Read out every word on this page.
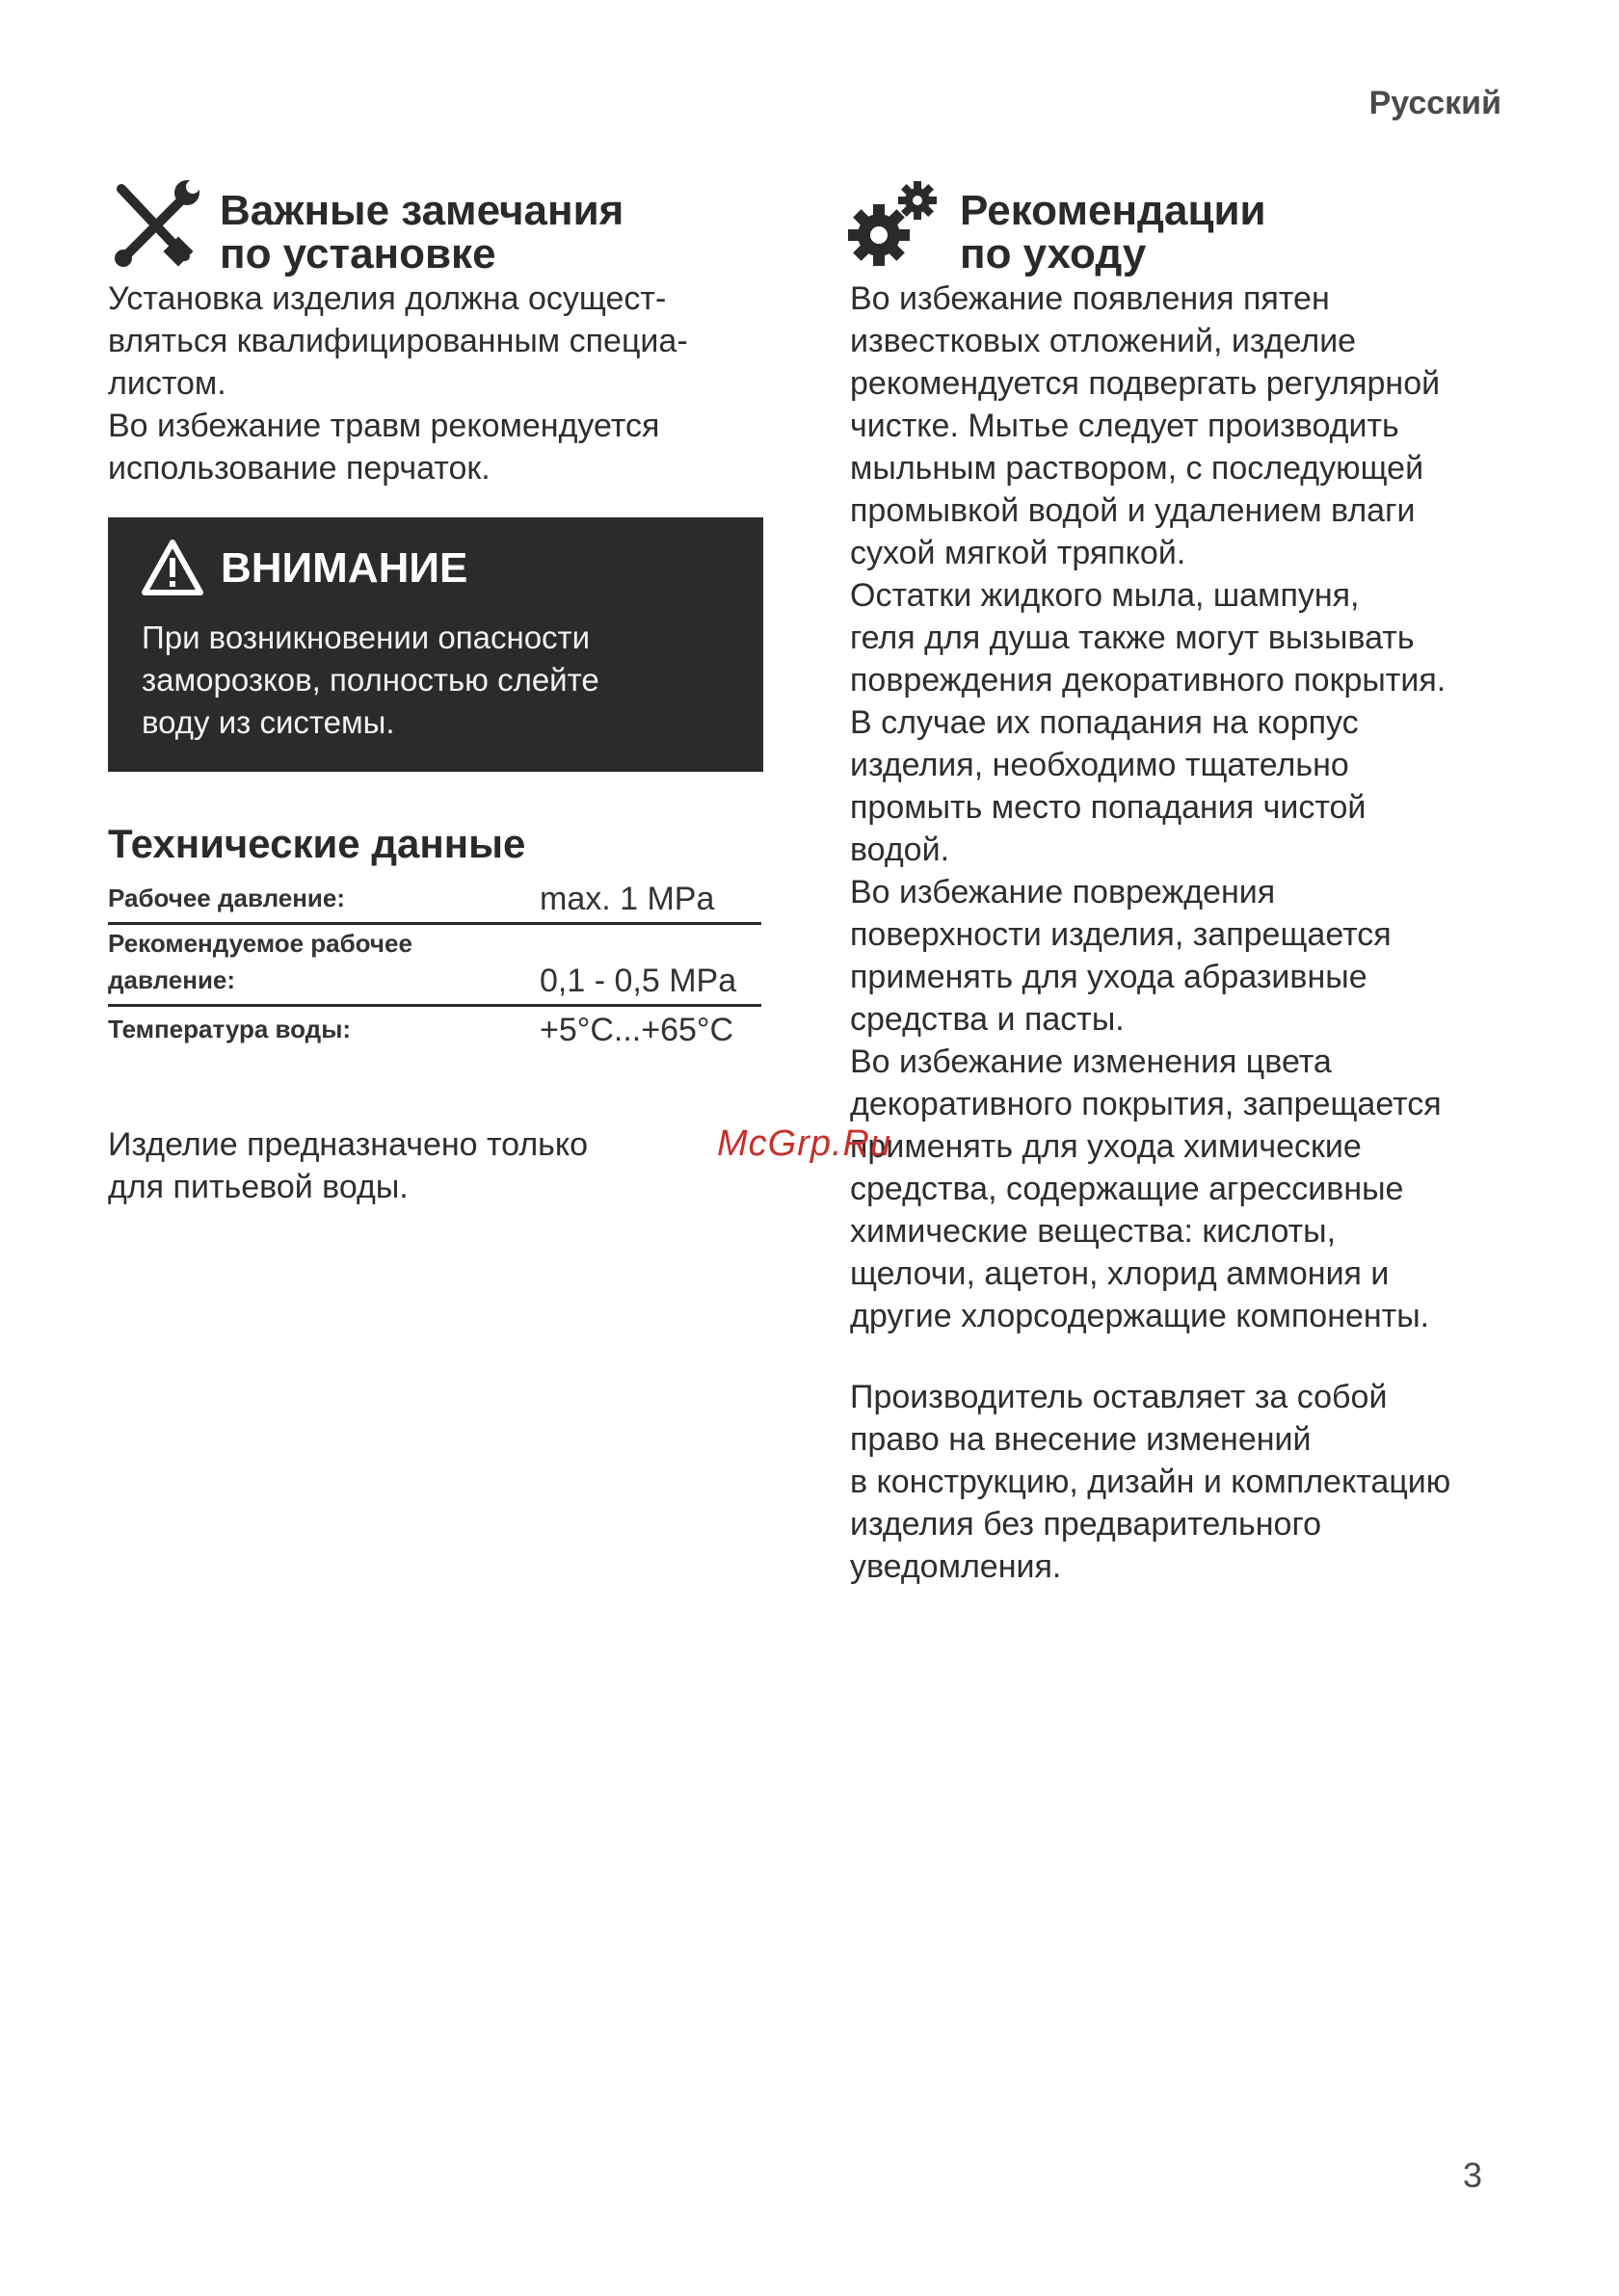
Русский
Важные замечания
по установке
Установка изделия должна осущест-
вляться квалифицированным специа-
листом.
Во избежание травм рекомендуется
использование перчаток.
ВНИМАНИЕ
При возникновении опасности
заморозков, полностью слейте
воду из системы.
Технические данные
Рабочее давление:	max. 1 MPa

Рекомендуемое рабочее
давление:	0,1 - 0,5 MPa
Температура воды:	+5°C...+65°C
Изделие предназначено только
для питьевой воды.
Рекомендации
по уходу
Во избежание появления пятен
известковых отложений, изделие
рекомендуется подвергать регулярной
чистке. Мытье следует производить
мыльным раствором, с последующей
промывкой водой и удалением влаги
сухой мягкой тряпкой.
Остатки жидкого мыла, шампуня,
геля для душа также могут вызывать
повреждения декоративного покрытия.
В случае их попадания на корпус
изделия, необходимо тщательно
промыть место попадания чистой
водой.
Во избежание повреждения
поверхности изделия, запрещается
применять для ухода абразивные
средства и пасты.
Во избежание изменения цвета
декоративного покрытия, запрещается
применять для ухода химические
средства, содержащие агрессивные
химические вещества: кислоты,
щелочи, ацетон, хлорид аммония и
другие хлорсодержащие компоненты.
Производитель оставляет за собой
право на внесение изменений
в конструкцию, дизайн и комплектацию
изделия без предварительного
уведомления.
McGrp.Ru
3
